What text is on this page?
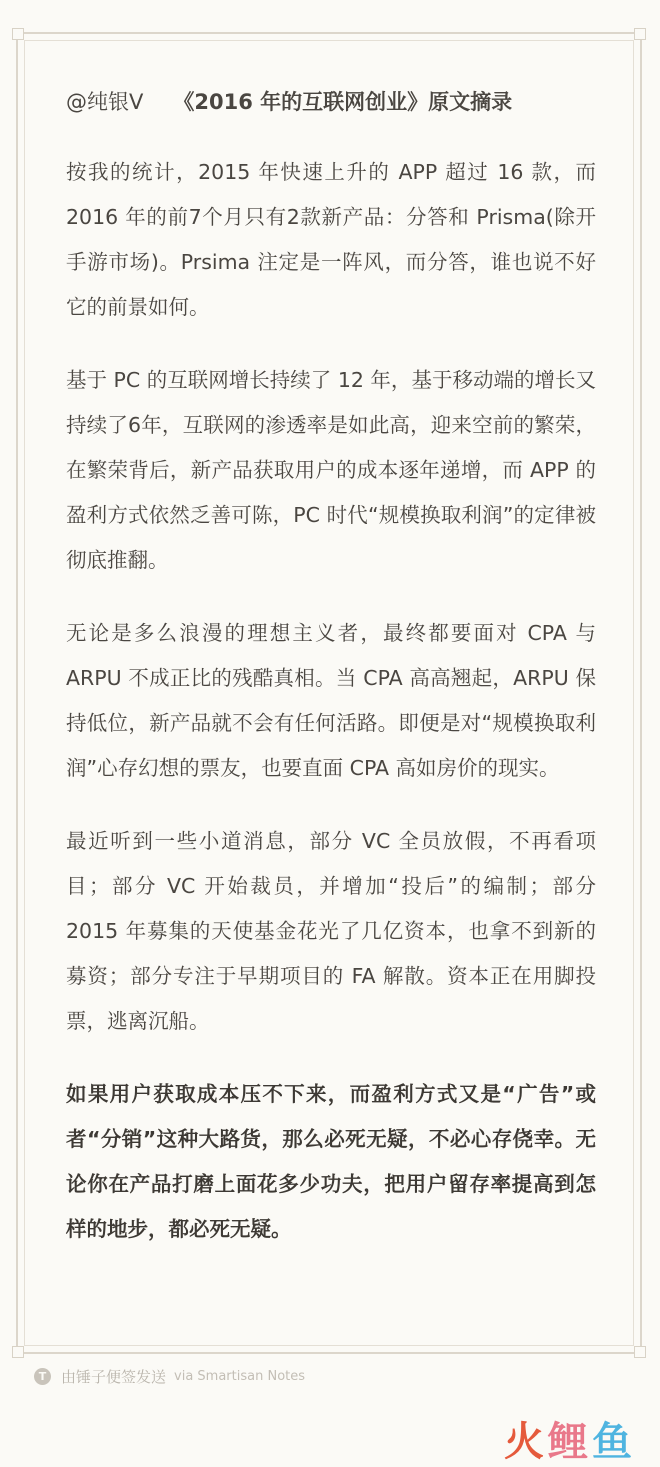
@纯银V 《2016 年的互联网创业》原文摘录

按我的统计，2015 年快速上升的 APP 超过 16 款，而 2016 年的前7个月只有2款新产品：分答和 Prisma(除开手游市场)。Prsima 注定是一阵风，而分答，谁也说不好它的前景如何。

基于 PC 的互联网增长持续了 12 年，基于移动端的增长又持续了6年，互联网的渗透率是如此高，迎来空前的繁荣，在繁荣背后，新产品获取用户的成本逐年递增，而 APP 的盈利方式依然乏善可陈，PC 时代“规模换取利润”的定律被彻底推翻。

无论是多么浪漫的理想主义者，最终都要面对 CPA 与 ARPU 不成正比的残酷真相。当 CPA 高高翘起，ARPU 保持低位，新产品就不会有任何活路。即便是对“规模换取利润”心存幻想的票友，也要直面 CPA 高如房价的现实。

最近听到一些小道消息，部分 VC 全员放假，不再看项目；部分 VC 开始裁员，并增加“投后”的编制；部分 2015 年募集的天使基金花光了几亿资本，也拿不到新的募资；部分专注于早期项目的 FA 解散。资本正在用脚投票，逃离沉船。

如果用户获取成本压不下来，而盈利方式又是“广告”或者“分销”这种大路货，那么必死无疑，不必心存侥幸。无论你在产品打磨上面花多少功夫，把用户留存率提高到怎样的地步，都必死无疑。

T 由锤子便签发送 via Smartisan Notes
火鲤鱼
